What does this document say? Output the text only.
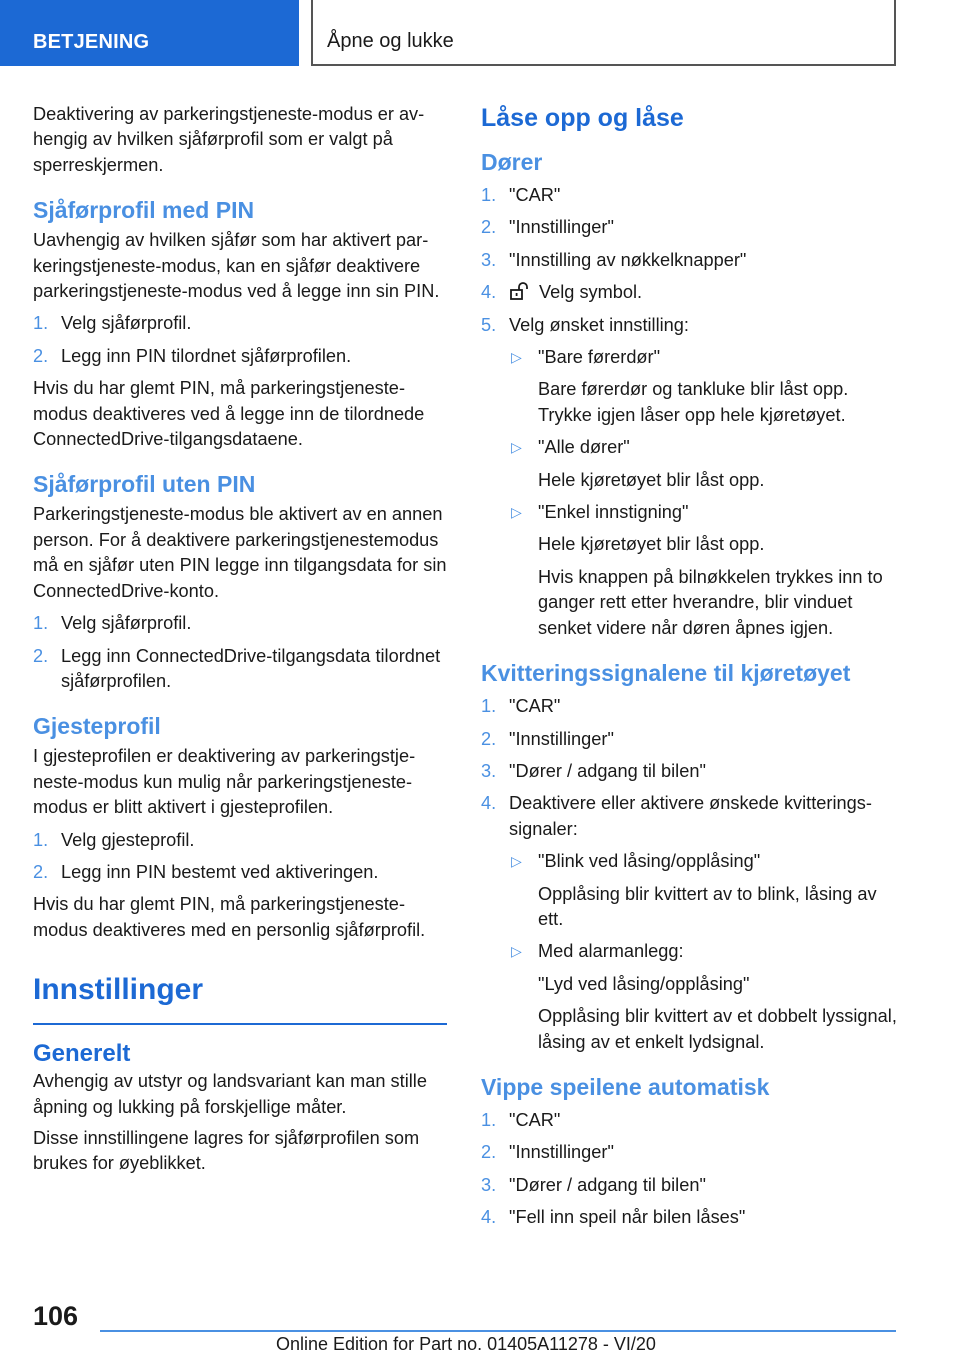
BETJENING	Åpne og lukke

Deaktivering av parkeringstjeneste-modus er avhengig av hvilken sjåførprofil som er valgt på sperreskjermen.

Sjåførprofil med PIN

Uavhengig av hvilken sjåfør som har aktivert parkeringstjeneste-modus, kan en sjåfør deaktivere parkeringstjeneste-modus ved å legge inn sin PIN.

1. Velg sjåførprofil.
2. Legg inn PIN tilordnet sjåførprofilen.

Hvis du har glemt PIN, må parkeringstjenestemodus deaktiveres ved å legge inn de tilordnede ConnectedDrive-tilgangsdataene.

Sjåførprofil uten PIN

Parkeringstjeneste-modus ble aktivert av en annen person. For å deaktivere parkeringstjenestemodus må en sjåfør uten PIN legge inn tilgangsdata for sin ConnectedDrive-konto.

1. Velg sjåførprofil.
2. Legg inn ConnectedDrive-tilgangsdata tilordnet sjåførprofilen.
Gjesteprofil

I gjesteprofilen er deaktivering av parkeringstjeneste-modus kun mulig når parkeringstjenestemodus er blitt aktivert i gjesteprofilen.

1. Velg gjesteprofil.
2. Legg inn PIN bestemt ved aktiveringen.

Hvis du har glemt PIN, må parkeringstjenestemodus deaktiveres med en personlig sjåførprofil.

Innstillinger
Generelt

Avhengig av utstyr og landsvariant kan man stille åpning og lukking på forskjellige måter.

Disse innstillingene lagres for sjåførprofilen som brukes for øyeblikket.

Låse opp og låse
Dører
1. "CAR"
2. "Innstillinger"
3. "Innstilling av nøkkelknapper"
4. Velg symbol.
5. Velg ønsket innstilling:
▷ "Bare førerdør"

Bare førerdør og tankluke blir låst opp. Trykke igjen låser opp hele kjøretøyet.

▷ "Alle dører"

Hele kjøretøyet blir låst opp.

▷ "Enkel innstigning"

Hele kjøretøyet blir låst opp.

Hvis knappen på bilnøkkelen trykkes inn to ganger rett etter hverandre, blir vinduet senket videre når døren åpnes igjen.

Kvitteringssignalene til kjøretøyet
1. "CAR"
2. "Innstillinger"
3. "Dører / adgang til bilen"
4. Deaktivere eller aktivere ønskede kvitteringssignaler:
▷ "Blink ved låsing/opplåsing"

Opplåsing blir kvittert av to blink, låsing av ett.

▷ Med alarmanlegg:

"Lyd ved låsing/opplåsing"

Opplåsing blir kvittert av et dobbelt lyssignal, låsing av et enkelt lydsignal.

Vippe speilene automatisk
1. "CAR"
2. "Innstillinger"
3. "Dører / adgang til bilen"
4. "Fell inn speil når bilen låses"
106
Online Edition for Part no. 01405A11278 - VI/20
